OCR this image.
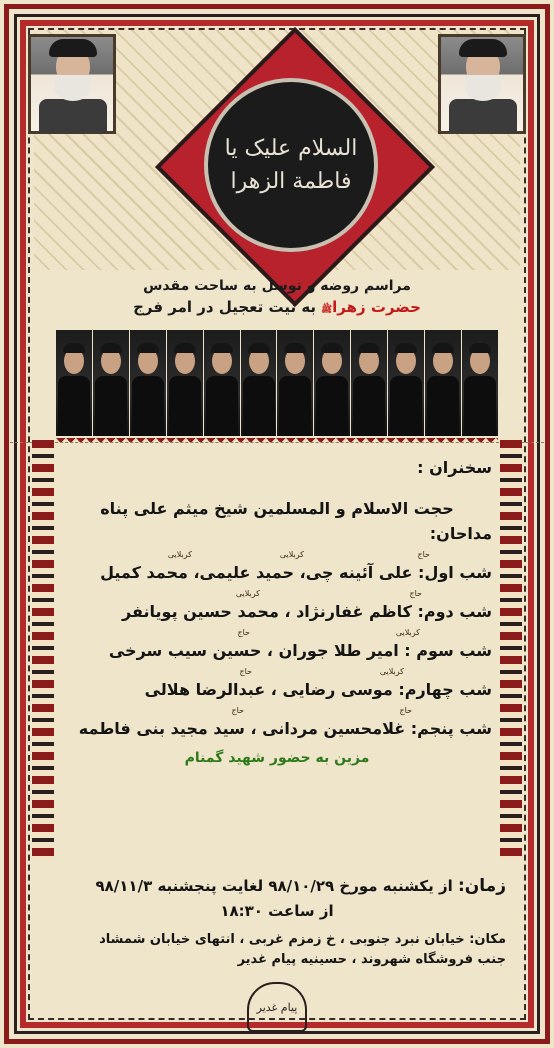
السلام علیک یا فاطمة الزهرا
مراسم روضه و توسل به ساحت مقدس
حضرت زهراﷺ به نیت تعجیل در امر فرج
سخنران :
حجت الاسلام و المسلمین شیخ میثم علی پناه
مداحان:
حاج
کربلایی
کربلایی
شب اول: علی آئینه چی، حمید علیمی، محمد کمیل
حاج
کربلایی
شب دوم: کاظم غفارنژاد ، محمد حسین پویانفر
کربلایی
حاج
شب سوم : امیر طلا جوران ، حسین سیب سرخی
کربلایی
حاج
شب چهارم: موسی رضایی ، عبدالرضا هلالی
حاج
حاج
شب پنجم: غلامحسین مردانی ، سید مجید بنی فاطمه
مزین به حضور شهید گمنام
زمان: از یکشنبه مورخ ۹۸/۱۰/۲۹ لغایت پنجشنبه ۹۸/۱۱/۳
از ساعت ۱۸:۳۰
مکان: خیابان نبرد جنوبی ، خ زمزم غربی ، انتهای خیابان شمشاد
جنب فروشگاه شهروند ، حسینیه پیام غدیر
پیام غدیر
